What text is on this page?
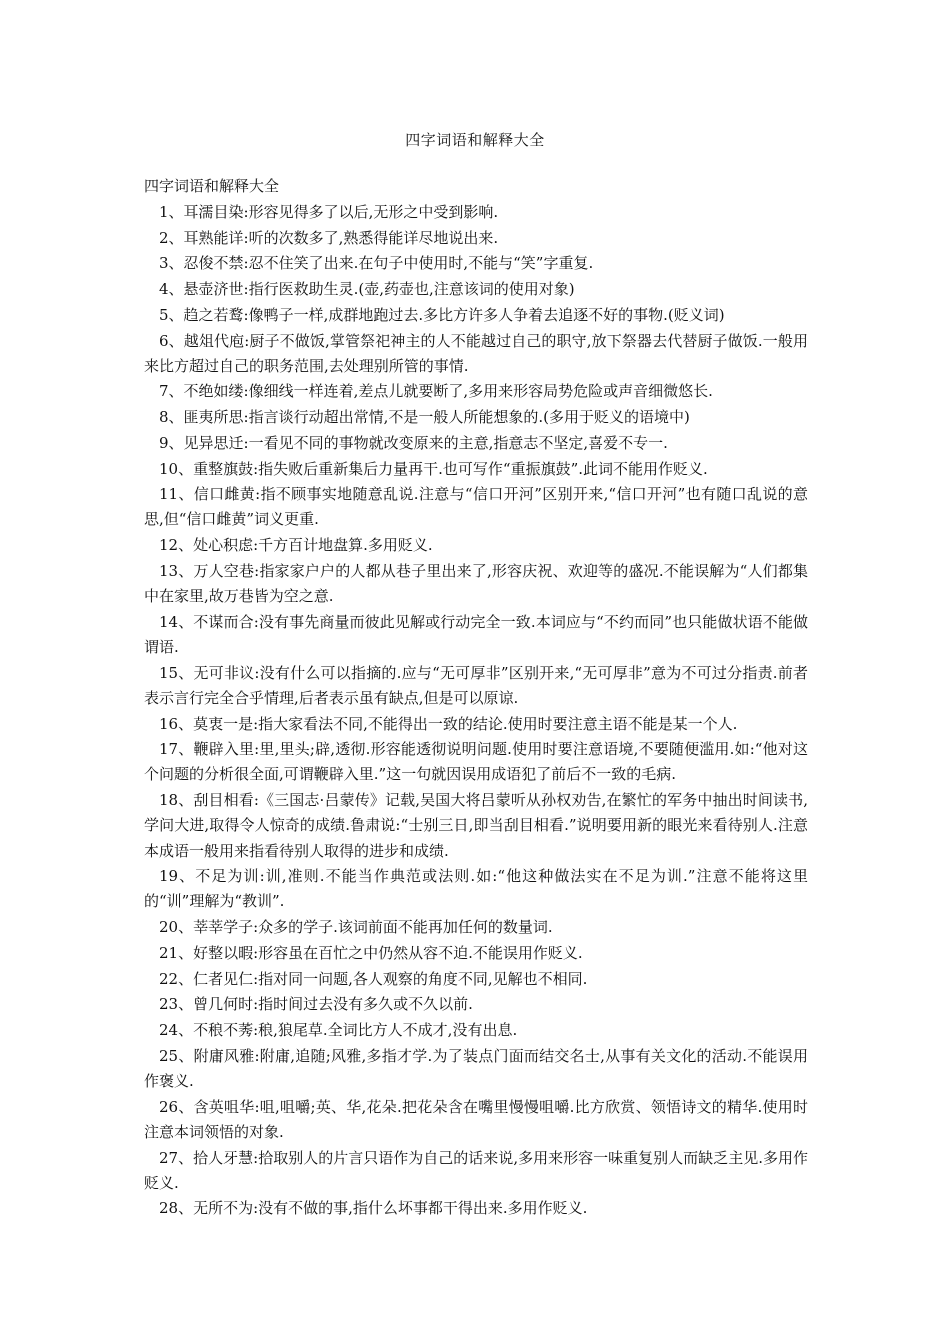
四字词语和解释大全

四字词语和解释大全

1、耳濡目染:形容见得多了以后,无形之中受到影响.

2、耳熟能详:听的次数多了,熟悉得能详尽地说出来.

3、忍俊不禁:忍不住笑了出来.在句子中使用时,不能与“笑”字重复.

4、悬壶济世:指行医救助生灵.(壶,药壶也,注意该词的使用对象)

5、趋之若鹜:像鸭子一样,成群地跑过去.多比方许多人争着去追逐不好的事物.(贬义词)

6、越俎代庖:厨子不做饭,掌管祭祀神主的人不能越过自己的职守,放下祭器去代替厨子做饭.一般用来比方超过自己的职务范围,去处理别所管的事情.

7、不绝如缕:像细线一样连着,差点儿就要断了,多用来形容局势危险或声音细微悠长.

8、匪夷所思:指言谈行动超出常情,不是一般人所能想象的.(多用于贬义的语境中)

9、见异思迁:一看见不同的事物就改变原来的主意,指意志不坚定,喜爱不专一.

10、重整旗鼓:指失败后重新集后力量再干.也可写作“重振旗鼓”.此词不能用作贬义.

11、信口雌黄:指不顾事实地随意乱说.注意与“信口开河”区别开来,“信口开河”也有随口乱说的意思,但“信口雌黄”词义更重.

12、处心积虑:千方百计地盘算.多用贬义.

13、万人空巷:指家家户户的人都从巷子里出来了,形容庆祝、欢迎等的盛况.不能误解为“人们都集中在家里,故万巷皆为空之意.

14、不谋而合:没有事先商量而彼此见解或行动完全一致.本词应与“不约而同”也只能做状语不能做谓语.

15、无可非议:没有什么可以指摘的.应与“无可厚非”区别开来,“无可厚非”意为不可过分指责.前者表示言行完全合乎情理,后者表示虽有缺点,但是可以原谅.

16、莫衷一是:指大家看法不同,不能得出一致的结论.使用时要注意主语不能是某一个人.

17、鞭辟入里:里,里头;辟,透彻.形容能透彻说明问题.使用时要注意语境,不要随便滥用.如:“他对这个问题的分析很全面,可谓鞭辟入里.”这一句就因误用成语犯了前后不一致的毛病.

18、刮目相看:《三国志·吕蒙传》记载,吴国大将吕蒙听从孙权劝告,在繁忙的军务中抽出时间读书,学问大进,取得令人惊奇的成绩.鲁肃说:“士别三日,即当刮目相看.”说明要用新的眼光来看待别人.注意本成语一般用来指看待别人取得的进步和成绩.

19、不足为训:训,准则.不能当作典范或法则.如:“他这种做法实在不足为训.”注意不能将这里的“训”理解为“教训”.

20、莘莘学子:众多的学子.该词前面不能再加任何的数量词.

21、好整以暇:形容虽在百忙之中仍然从容不迫.不能误用作贬义.

22、仁者见仁:指对同一问题,各人观察的角度不同,见解也不相同.

23、曾几何时:指时间过去没有多久或不久以前.

24、不稂不莠:稂,狼尾草.全词比方人不成才,没有出息.

25、附庸风雅:附庸,追随;风雅,多指才学.为了装点门面而结交名士,从事有关文化的活动.不能误用作褒义.

26、含英咀华:咀,咀嚼;英、华,花朵.把花朵含在嘴里慢慢咀嚼.比方欣赏、领悟诗文的精华.使用时注意本词领悟的对象.

27、拾人牙慧:拾取别人的片言只语作为自己的话来说,多用来形容一味重复别人而缺乏主见.多用作贬义.

28、无所不为:没有不做的事,指什么坏事都干得出来.多用作贬义.
